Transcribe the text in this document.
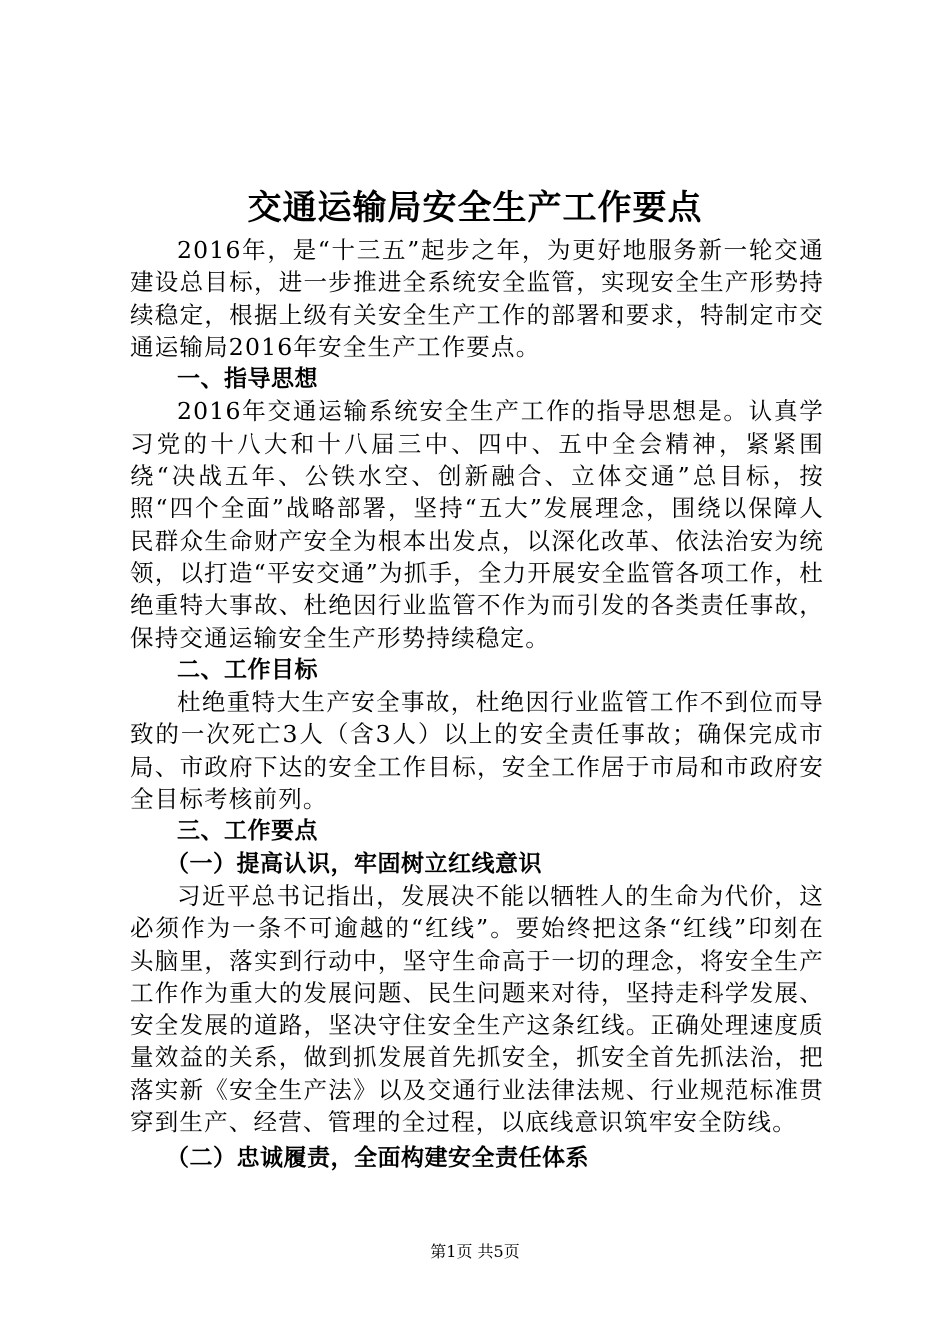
交通运输局安全生产工作要点

2016年，是“十三五”起步之年，为更好地服务新一轮交通建设总目标，进一步推进全系统安全监管，实现安全生产形势持续稳定，根据上级有关安全生产工作的部署和要求，特制定市交通运输局2016年安全生产工作要点。

一、指导思想

2016年交通运输系统安全生产工作的指导思想是。认真学习党的十八大和十八届三中、四中、五中全会精神，紧紧围绕“决战五年、公铁水空、创新融合、立体交通”总目标，按照“四个全面”战略部署，坚持“五大”发展理念，围绕以保障人民群众生命财产安全为根本出发点，以深化改革、依法治安为统领，以打造“平安交通”为抓手，全力开展安全监管各项工作，杜绝重特大事故、杜绝因行业监管不作为而引发的各类责任事故，保持交通运输安全生产形势持续稳定。

二、工作目标

杜绝重特大生产安全事故，杜绝因行业监管工作不到位而导致的一次死亡3人（含3人）以上的安全责任事故；确保完成市局、市政府下达的安全工作目标，安全工作居于市局和市政府安全目标考核前列。

三、工作要点

（一）提高认识，牢固树立红线意识

习近平总书记指出，发展决不能以牺牲人的生命为代价，这必须作为一条不可逾越的“红线”。要始终把这条“红线”印刻在头脑里，落实到行动中，坚守生命高于一切的理念，将安全生产工作作为重大的发展问题、民生问题来对待，坚持走科学发展、安全发展的道路，坚决守住安全生产这条红线。正确处理速度质量效益的关系，做到抓发展首先抓安全，抓安全首先抓法治，把落实新《安全生产法》以及交通行业法律法规、行业规范标准贯穿到生产、经营、管理的全过程，以底线意识筑牢安全防线。

（二）忠诚履责，全面构建安全责任体系

第1页 共5页
